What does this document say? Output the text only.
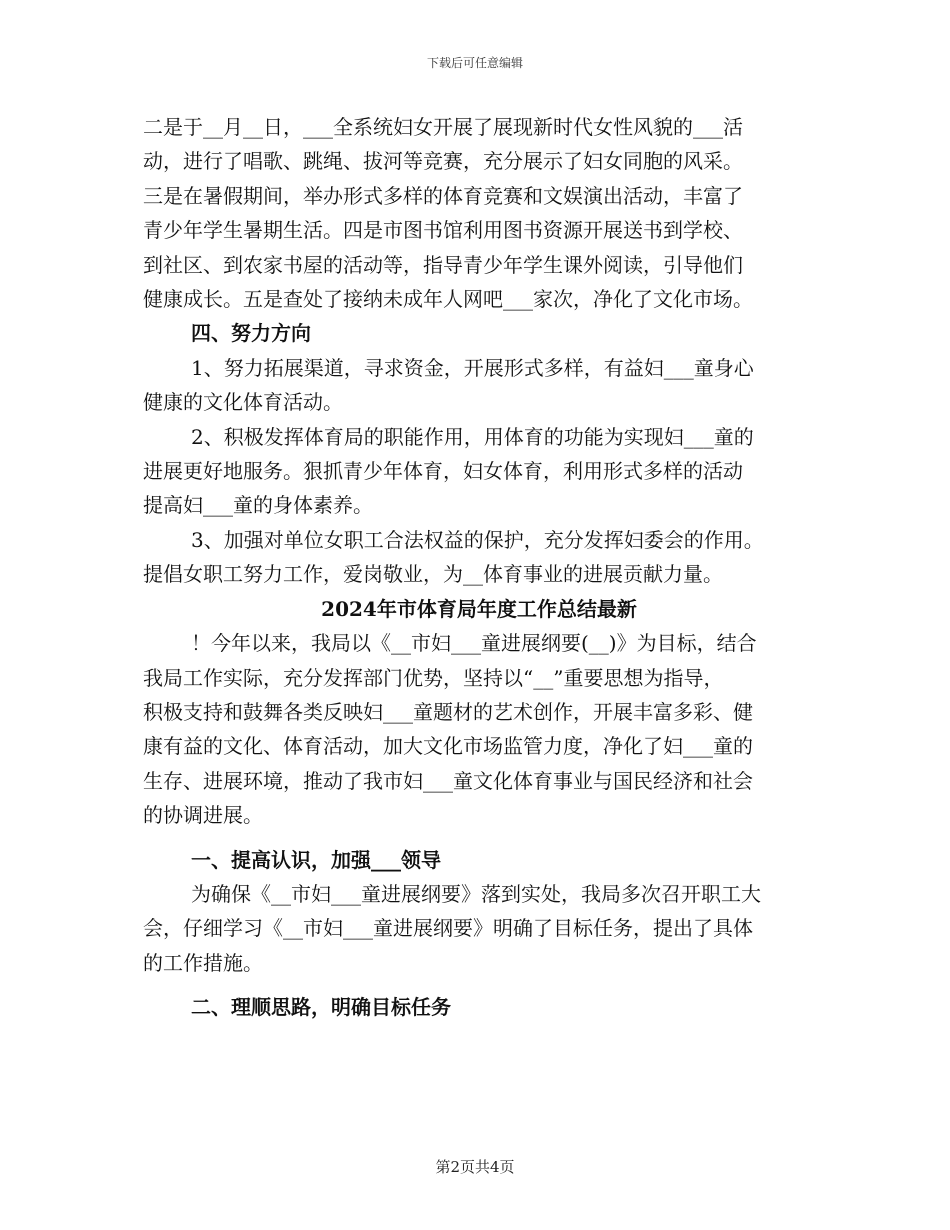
下载后可任意编辑

二是于__月__日，___全系统妇女开展了展现新时代女性风貌的___活
动，进行了唱歌、跳绳、拔河等竞赛，充分展示了妇女同胞的风采。
三是在暑假期间，举办形式多样的体育竞赛和文娱演出活动，丰富了
青少年学生暑期生活。四是市图书馆利用图书资源开展送书到学校、
到社区、到农家书屋的活动等，指导青少年学生课外阅读，引导他们
健康成长。五是查处了接纳未成年人网吧___家次，净化了文化市场。

四、努力方向

1、努力拓展渠道，寻求资金，开展形式多样，有益妇___童身心
健康的文化体育活动。

2、积极发挥体育局的职能作用，用体育的功能为实现妇___童的
进展更好地服务。狠抓青少年体育，妇女体育，利用形式多样的活动
提高妇___童的身体素养。

3、加强对单位女职工合法权益的保护，充分发挥妇委会的作用。
提倡女职工努力工作，爱岗敬业，为__体育事业的进展贡献力量。

2024年市体育局年度工作总结最新

！今年以来，我局以《__市妇___童进展纲要(__)》为目标，结合
我局工作实际，充分发挥部门优势，坚持以“__”重要思想为指导，
积极支持和鼓舞各类反映妇___童题材的艺术创作，开展丰富多彩、健
康有益的文化、体育活动，加大文化市场监管力度，净化了妇___童的
生存、进展环境，推动了我市妇___童文化体育事业与国民经济和社会
的协调进展。

一、提高认识，加强___领导

为确保《__市妇___童进展纲要》落到实处，我局多次召开职工大
会，仔细学习《__市妇___童进展纲要》明确了目标任务，提出了具体
的工作措施。

二、理顺思路，明确目标任务

第2页共4页
